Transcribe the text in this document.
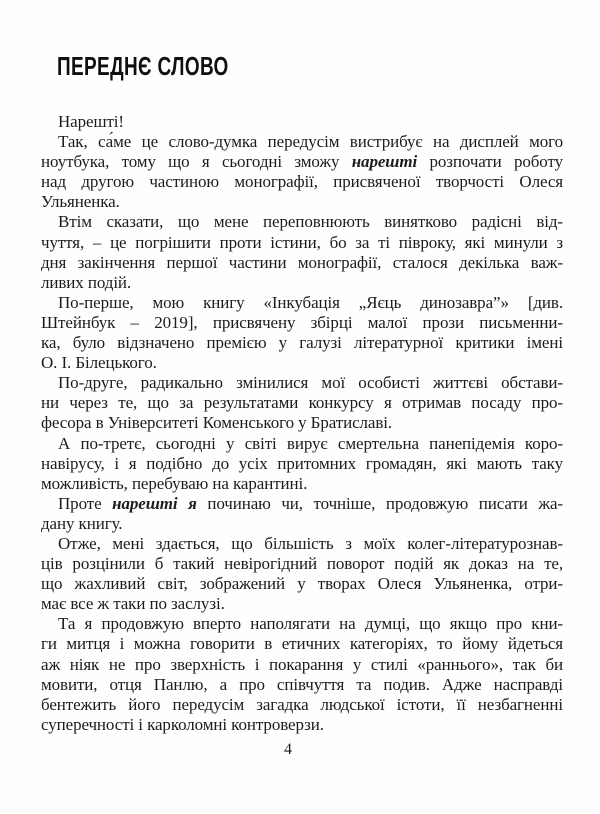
ПЕРЕДНЄ СЛОВО

Нарешті!

Так, са́ме це слово-думка передусім вистрибує на дисплей мого
ноутбука, тому що я сьогодні зможу нарешті розпочати роботу
над другою частиною монографії, присвяченої творчості Олеся
Ульяненка.

Втім сказати, що мене переповнюють винятково радісні від-
чуття, – це погрішити проти істини, бо за ті півроку, які минули з
дня закінчення першої частини монографії, сталося декілька важ-
ливих подій.

По-перше, мою книгу «Інкубація „Яєць динозавра”» [див.
Штейнбук – 2019], присвячену збірці малої прози письменни-
ка, було відзначено премією у галузі літературної критики імені
О. І. Білецького.

По-друге, радикально змінилися мої особисті життєві обстави-
ни через те, що за результатами конкурсу я отримав посаду про-
фесора в Університеті Коменського у Братиславі.

А по-третє, сьогодні у світі вирує смертельна панепідемія коро-
навірусу, і я подібно до усіх притомних громадян, які мають таку
можливість, перебуваю на карантині.

Проте нарешті я починаю чи, точніше, продовжую писати жа-
дану книгу.

Отже, мені здається, що більшість з моїх колег-літературознав-
ців розцінили б такий невірогідний поворот подій як доказ на те,
що жахливий світ, зображений у творах Олеся Ульяненка, отри-
має все ж таки по заслузі.

Та я продовжую вперто наполягати на думці, що якщо про кни-
ги митця і можна говорити в етичних категоріях, то йому йдеться
аж ніяк не про зверхність і покарання у стилі «раннього», так би
мовити, отця Панлю, а про співчуття та подив. Адже насправді
бентежить його передусім загадка людської істоти, її незбагненні
суперечності і карколомні контроверзи.

4
